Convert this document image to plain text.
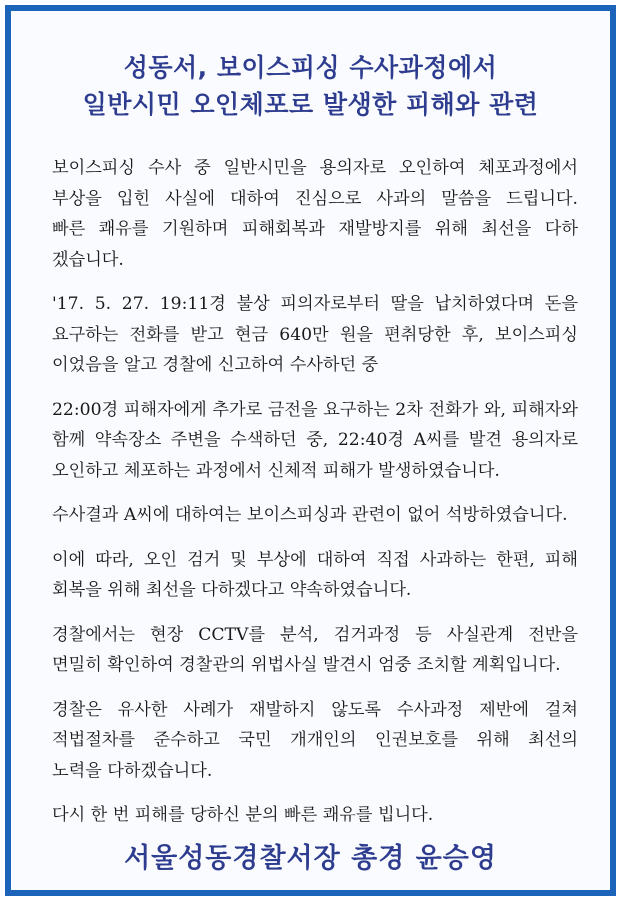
성동서, 보이스피싱 수사과정에서
일반시민 오인체포로 발생한 피해와 관련
보이스피싱 수사 중 일반시민을 용의자로 오인하여 체포과정에서
부상을 입힌 사실에 대하여 진심으로 사과의 말씀을 드립니다.
빠른 쾌유를 기원하며 피해회복과 재발방지를 위해 최선을 다하
겠습니다.
'17. 5. 27. 19:11경 불상 피의자로부터 딸을 납치하였다며 돈을
요구하는 전화를 받고 현금 640만 원을 편취당한 후, 보이스피싱
이었음을 알고 경찰에 신고하여 수사하던 중
22:00경 피해자에게 추가로 금전을 요구하는 2차 전화가 와, 피해자와
함께 약속장소 주변을 수색하던 중, 22:40경 A씨를 발견 용의자로
오인하고 체포하는 과정에서 신체적 피해가 발생하였습니다.
수사결과 A씨에 대하여는 보이스피싱과 관련이 없어 석방하였습니다.
이에 따라, 오인 검거 및 부상에 대하여 직접 사과하는 한편, 피해
회복을 위해 최선을 다하겠다고 약속하였습니다.
경찰에서는 현장 CCTV를 분석, 검거과정 등 사실관계 전반을
면밀히 확인하여 경찰관의 위법사실 발견시 엄중 조치할 계획입니다.
경찰은 유사한 사례가 재발하지 않도록 수사과정 제반에 걸쳐
적법절차를 준수하고 국민 개개인의 인권보호를 위해 최선의
노력을 다하겠습니다.
다시 한 번 피해를 당하신 분의 빠른 쾌유를 빕니다.
서울성동경찰서장 총경 윤승영
